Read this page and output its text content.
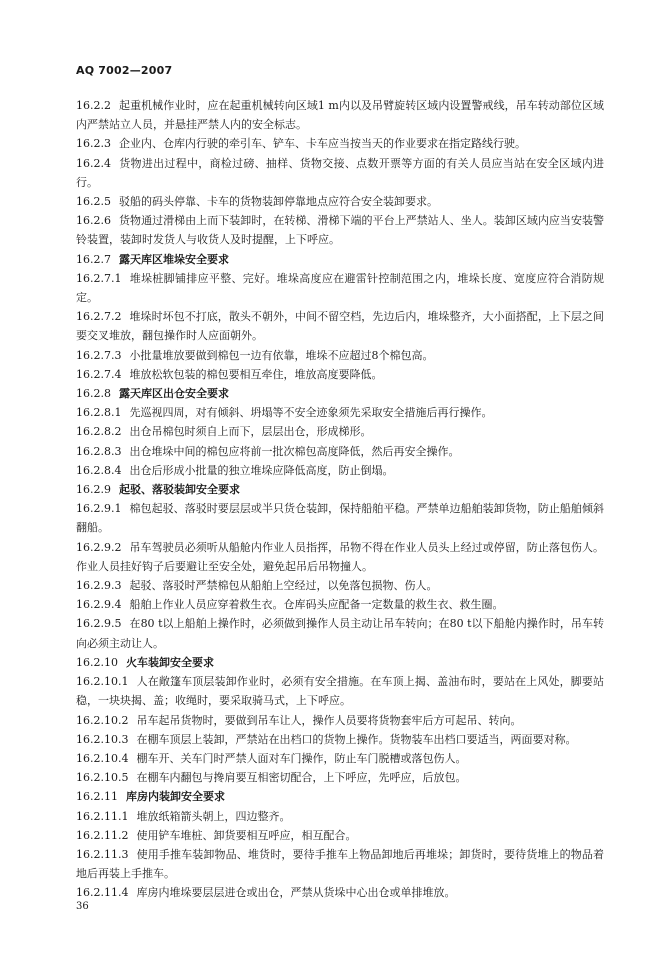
AQ 7002—2007

16.2.2 起重机械作业时，应在起重机械转向区域1 m内以及吊臂旋转区域内设置警戒线，吊车转动部位区域内严禁站立人员，并悬挂严禁人内的安全标志。

16.2.3 企业内、仓库内行驶的牵引车、铲车、卡车应当按当天的作业要求在指定路线行驶。

16.2.4 货物进出过程中，商检过磅、抽样、货物交接、点数开票等方面的有关人员应当站在安全区域内进行。

16.2.5 驳船的码头停靠、卡车的货物装卸停靠地点应符合安全装卸要求。

16.2.6 货物通过滑梯由上而下装卸时，在转梯、滑梯下端的平台上严禁站人、坐人。装卸区域内应当安装警铃装置，装卸时发货人与收货人及时提醒，上下呼应。

16.2.7 露天库区堆垛安全要求

16.2.7.1 堆垛桩脚铺排应平整、完好。堆垛高度应在避雷针控制范围之内，堆垛长度、宽度应符合消防规定。

16.2.7.2 堆垛时坏包不打底，散头不朝外，中间不留空档，先边后内，堆垛整齐，大小面搭配，上下层之间要交叉堆放，翻包操作时人应面朝外。

16.2.7.3 小批量堆放要做到棉包一边有依靠，堆垛不应超过8个棉包高。

16.2.7.4 堆放松软包装的棉包要相互牵住，堆放高度要降低。

16.2.8 露天库区出仓安全要求

16.2.8.1 先巡视四周，对有倾斜、坍塌等不安全迹象须先采取安全措施后再行操作。

16.2.8.2 出仓吊棉包时须自上而下，层层出仓，形成梯形。

16.2.8.3 出仓堆垛中间的棉包应将前一批次棉包高度降低，然后再安全操作。

16.2.8.4 出仓后形成小批量的独立堆垛应降低高度，防止倒塌。

16.2.9 起驳、落驳装卸安全要求

16.2.9.1 棉包起驳、落驳时要层层或半只货仓装卸，保持船舶平稳。严禁单边船舶装卸货物，防止船舶倾斜翻船。

16.2.9.2 吊车驾驶员必须听从船舱内作业人员指挥，吊物不得在作业人员头上经过或停留，防止落包伤人。作业人员挂好钩子后要避让至安全处，避免起吊后吊物撞人。

16.2.9.3 起驳、落驳时严禁棉包从船舶上空经过，以免落包损物、伤人。

16.2.9.4 船舶上作业人员应穿着救生衣。仓库码头应配备一定数量的救生衣、救生圈。

16.2.9.5 在80 t以上船舶上操作时，必须做到操作人员主动让吊车转向；在80 t以下船舱内操作时，吊车转向必须主动让人。

16.2.10 火车装卸安全要求

16.2.10.1 人在敞篷车顶层装卸作业时，必须有安全措施。在车顶上揭、盖油布时，要站在上风处，脚要站稳，一块块揭、盖；收绳时，要采取骑马式，上下呼应。

16.2.10.2 吊车起吊货物时，要做到吊车让人，操作人员要将货物套牢后方可起吊、转向。

16.2.10.3 在棚车顶层上装卸，严禁站在出档口的货物上操作。货物装车出档口要适当，两面要对称。

16.2.10.4 棚车开、关车门时严禁人面对车门操作，防止车门脱槽或落包伤人。

16.2.10.5 在棚车内翻包与搀肩要互相密切配合，上下呼应，先呼应，后放包。

16.2.11 库房内装卸安全要求

16.2.11.1 堆放纸箱箭头朝上，四边整齐。

16.2.11.2 使用铲车堆桩、卸货要相互呼应，相互配合。

16.2.11.3 使用手推车装卸物品、堆货时，要待手推车上物品卸地后再堆垛；卸货时，要待货堆上的物品着地后再装上手推车。

16.2.11.4 库房内堆垛要层层进仓或出仓，严禁从货垛中心出仓或单排堆放。

36
